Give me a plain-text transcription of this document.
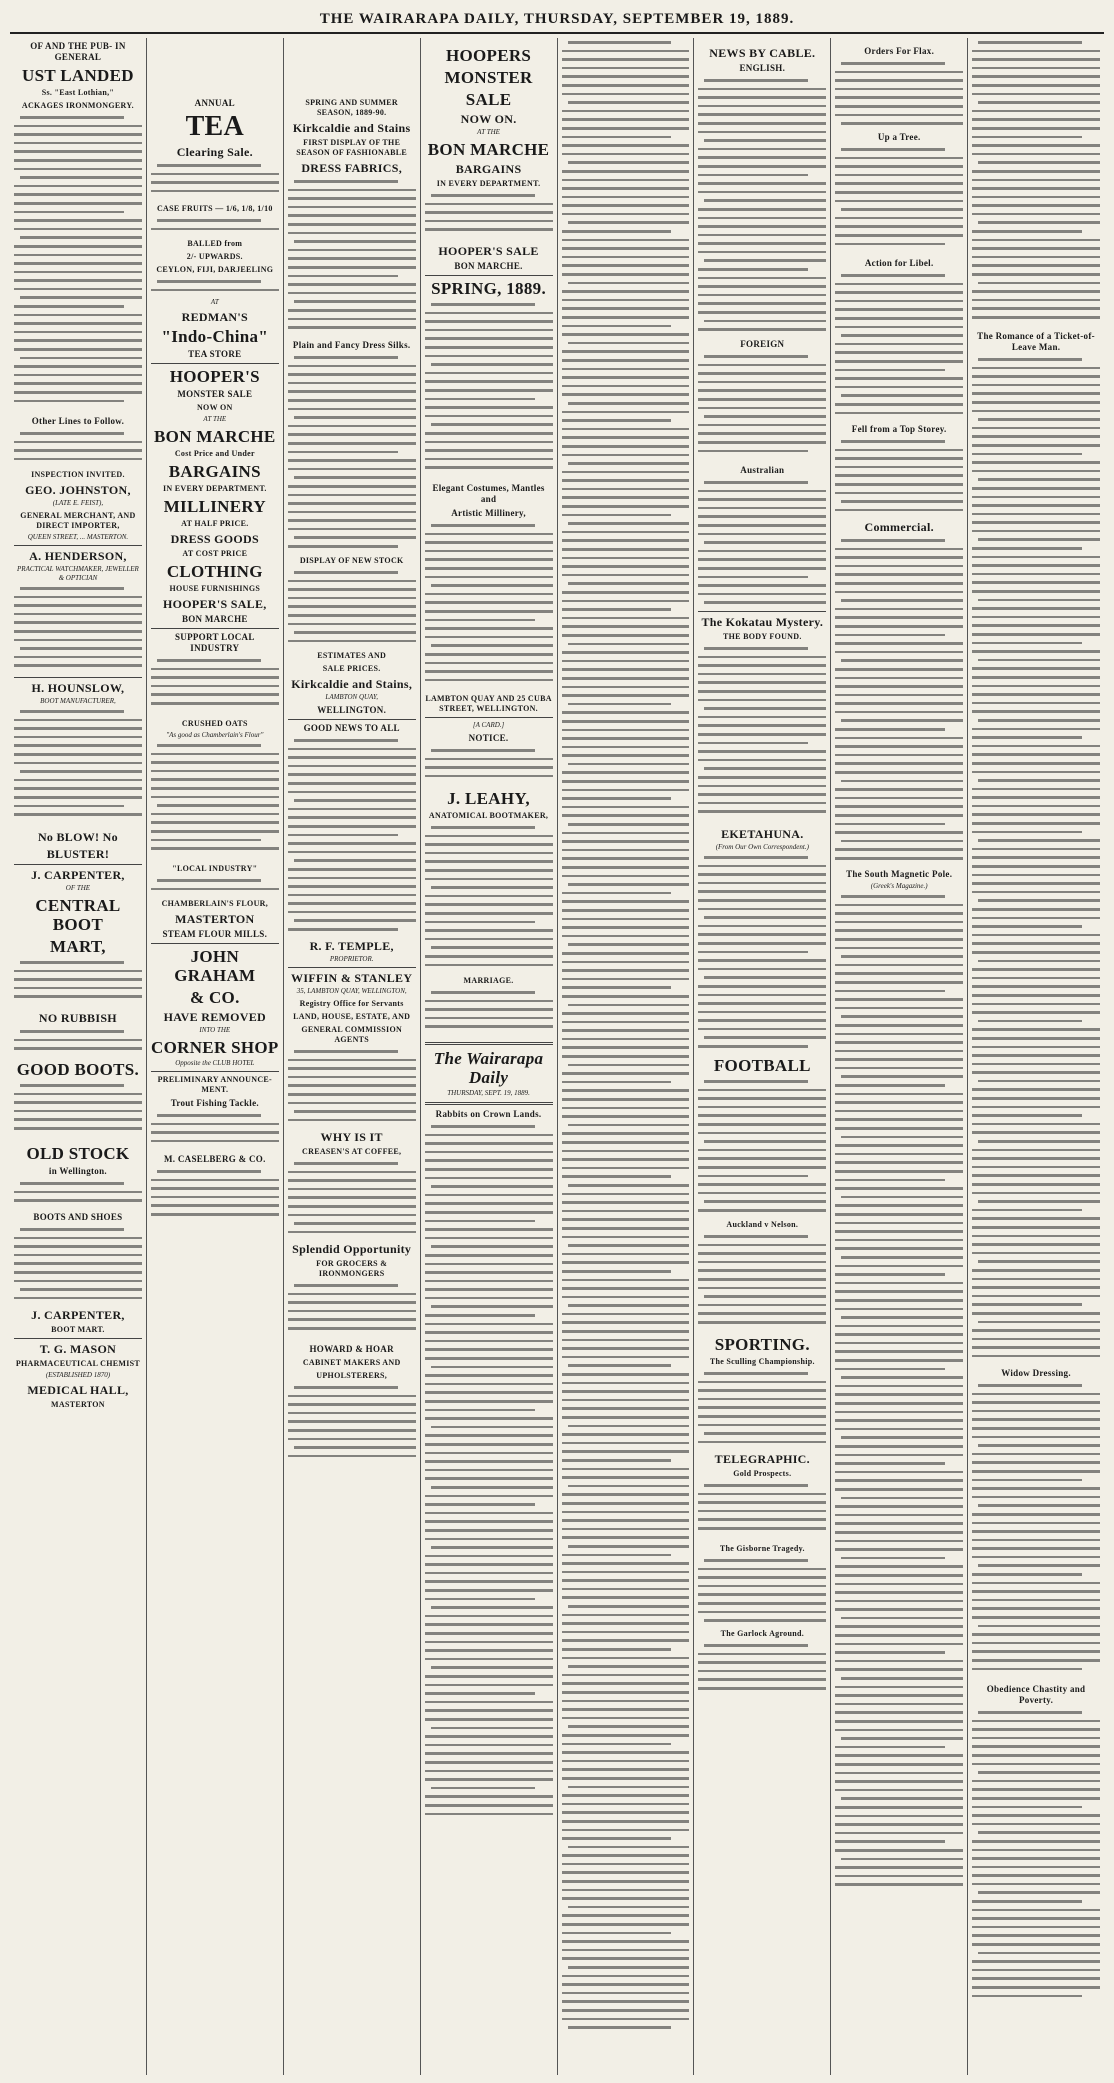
THE WAIRARAPA DAILY, THURSDAY, SEPTEMBER 19, 1889.
OF AND THE PUB- IN GENERAL
UST LANDED
Ss. "East Lothian,"
ACKAGES IRONMONGERY.
Other Lines to Follow.
INSPECTION INVITED.
GEO. JOHNSTON,
(LATE E. FEIST),
GENERAL MERCHANT, AND DIRECT IMPORTER,
QUEEN STREET, ... MASTERTON.
A. HENDERSON,
PRACTICAL WATCHMAKER, JEWELLER & OPTICIAN
H. HOUNSLOW,
BOOT MANUFACTURER,
No BLOW! No
BLUSTER!
J. CARPENTER,
OF THE
CENTRAL BOOT
MART,
NO RUBBISH
GOOD BOOTS.
OLD STOCK
in Wellington.
BOOTS AND SHOES
J. CARPENTER,
BOOT MART.
T. G. MASON
PHARMACEUTICAL CHEMIST
(ESTABLISHED 1870)
MEDICAL HALL,
MASTERTON
ANNUAL
TEA
Clearing Sale.
CASE FRUITS — 1/6, 1/8, 1/10
BALLED from
2/- UPWARDS.
CEYLON, FIJI, DARJEELING
AT
REDMAN'S
"Indo-China"
TEA STORE
HOOPER'S
MONSTER SALE
NOW ON
AT THE
BON MARCHE
Cost Price and Under
BARGAINS
IN EVERY DEPARTMENT.
MILLINERY
AT HALF PRICE.
DRESS GOODS
AT COST PRICE
CLOTHING
HOUSE FURNISHINGS
HOOPER'S SALE,
BON MARCHE
SUPPORT LOCAL INDUSTRY
CRUSHED OATS
"As good as Chamberlain's Flour"
"LOCAL INDUSTRY"
CHAMBERLAIN'S FLOUR,
MASTERTON
STEAM FLOUR MILLS.
JOHN GRAHAM
& CO.
HAVE REMOVED
INTO THE
CORNER SHOP
Opposite the CLUB HOTEL
PRELIMINARY ANNOUNCE-MENT.
Trout Fishing Tackle.
M. CASELBERG & CO.
SPRING AND SUMMER SEASON, 1889-90.
Kirkcaldie and Stains
FIRST DISPLAY OF THE SEASON OF FASHIONABLE
DRESS FABRICS,
Plain and Fancy Dress Silks.
DISPLAY OF NEW STOCK
ESTIMATES AND
SALE PRICES.
Kirkcaldie and Stains,
LAMBTON QUAY,
WELLINGTON.
GOOD NEWS TO ALL
R. F. TEMPLE,
PROPRIETOR.
WIFFIN & STANLEY
35, LAMBTON QUAY, WELLINGTON,
Registry Office for Servants
LAND, HOUSE, ESTATE, AND
GENERAL COMMISSION AGENTS
WHY IS IT
CREASEN'S AT COFFEE,
Splendid Opportunity
FOR GROCERS & IRONMONGERS
HOWARD & HOAR
CABINET MAKERS AND
UPHOLSTERERS,
HOOPERS
MONSTER
SALE
NOW ON.
AT THE
BON MARCHE
BARGAINS
IN EVERY DEPARTMENT.
HOOPER'S SALE
BON MARCHE.
SPRING, 1889.
Elegant Costumes, Mantles and
Artistic Millinery,
LAMBTON QUAY AND 25 CUBA STREET, WELLINGTON.
[A CARD.]
NOTICE.
J. LEAHY,
ANATOMICAL BOOTMAKER,
MARRIAGE.
The Wairarapa Daily
THURSDAY, SEPT. 19, 1889.
Rabbits on Crown Lands.
NEWS BY CABLE.
ENGLISH.
FOREIGN
Australian
The Kokatau Mystery.
THE BODY FOUND.
EKETAHUNA.
(From Our Own Correspondent.)
FOOTBALL
Auckland v Nelson.
SPORTING.
The Sculling Championship.
TELEGRAPHIC.
Gold Prospects.
The Gisborne Tragedy.
The Garlock Aground.
Orders For Flax.
Up a Tree.
Action for Libel.
Fell from a Top Storey.
Commercial.
The South Magnetic Pole.
(Greek's Magazine.)
The Romance of a Ticket-of-Leave Man.
Widow Dressing.
Obedience Chastity and Poverty.
